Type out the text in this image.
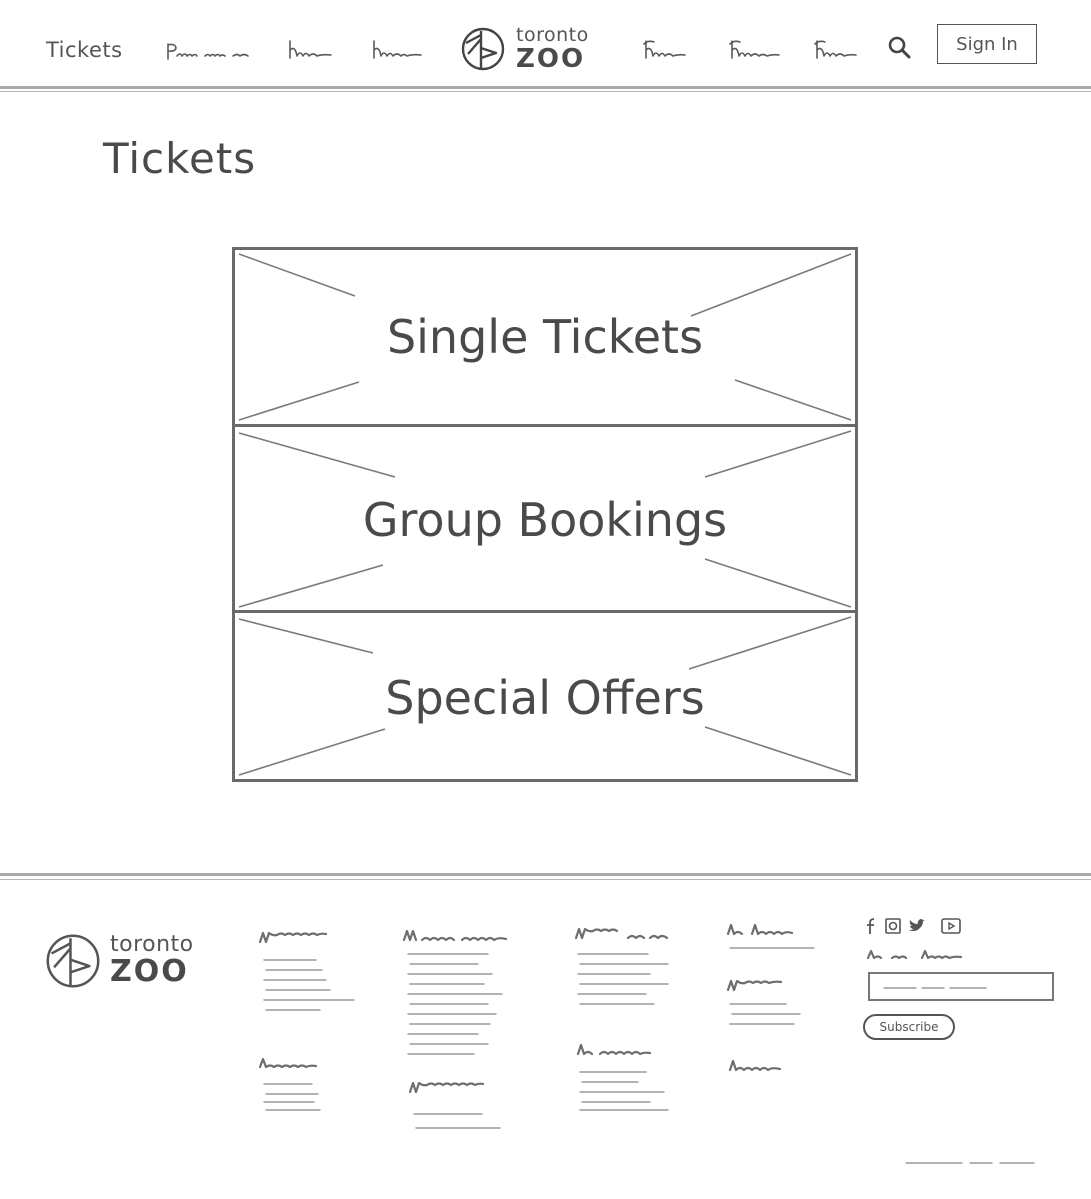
Tickets
toronto
ZOO	Sign In
Tickets
Single Tickets
Group Bookings
Special Offers
toronto
ZOO
Subscribe
